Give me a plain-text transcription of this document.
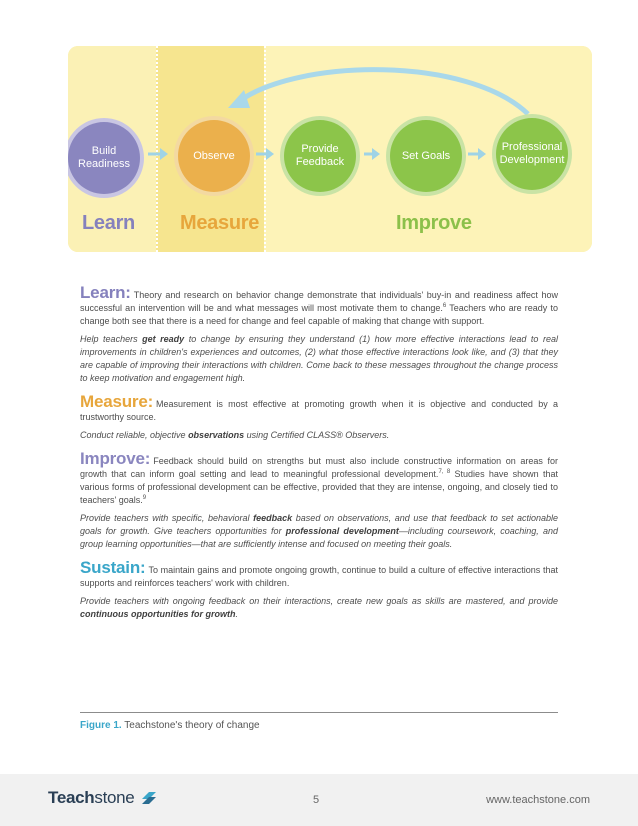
Build Readiness
Observe
Provide Feedback
Set Goals
Professional Development
Learn Measure	Improve

Learn: Theory and research on behavior change demonstrate that individuals' buy-in and readiness affect how successful an intervention will be and what messages will most motivate them to change.$^6$ Teachers who are ready to change both see that there is a need for change and feel capable of making that change with support.

Help teachers get ready to change by ensuring they understand (1) how more effective interactions lead to real improvements in children's experiences and outcomes, (2) what those effective interactions look like, and (3) that they are capable of improving their interactions with children. Come back to these messages throughout the change process to keep motivation and engagement high.

Measure: Measurement is most effective at promoting growth when it is objective and conducted by a trustworthy source.

Conduct reliable, objective observations using Certified CLASS® Observers.

Improve: Feedback should build on strengths but must also include constructive information on areas for growth that can inform goal setting and lead to meaningful professional development.$^{7, 8}$ Studies have shown that various forms of professional development can be effective, provided that they are intense, ongoing, and closely tied to teachers' goals.$^9$

Provide teachers with specific, behavioral feedback based on observations, and use that feedback to set actionable goals for growth. Give teachers opportunities for professional development—including coursework, coaching, and group learning opportunities—that are sufficiently intense and focused on meeting their goals.

Sustain: To maintain gains and promote ongoing growth, continue to build a culture of effective interactions that supports and reinforces teachers' work with children.

Provide teachers with ongoing feedback on their interactions, create new goals as skills are mastered, and provide continuous opportunities for growth.

Figure 1. Teachstone's theory of change
Teachstone	5	www.teachstone.com
